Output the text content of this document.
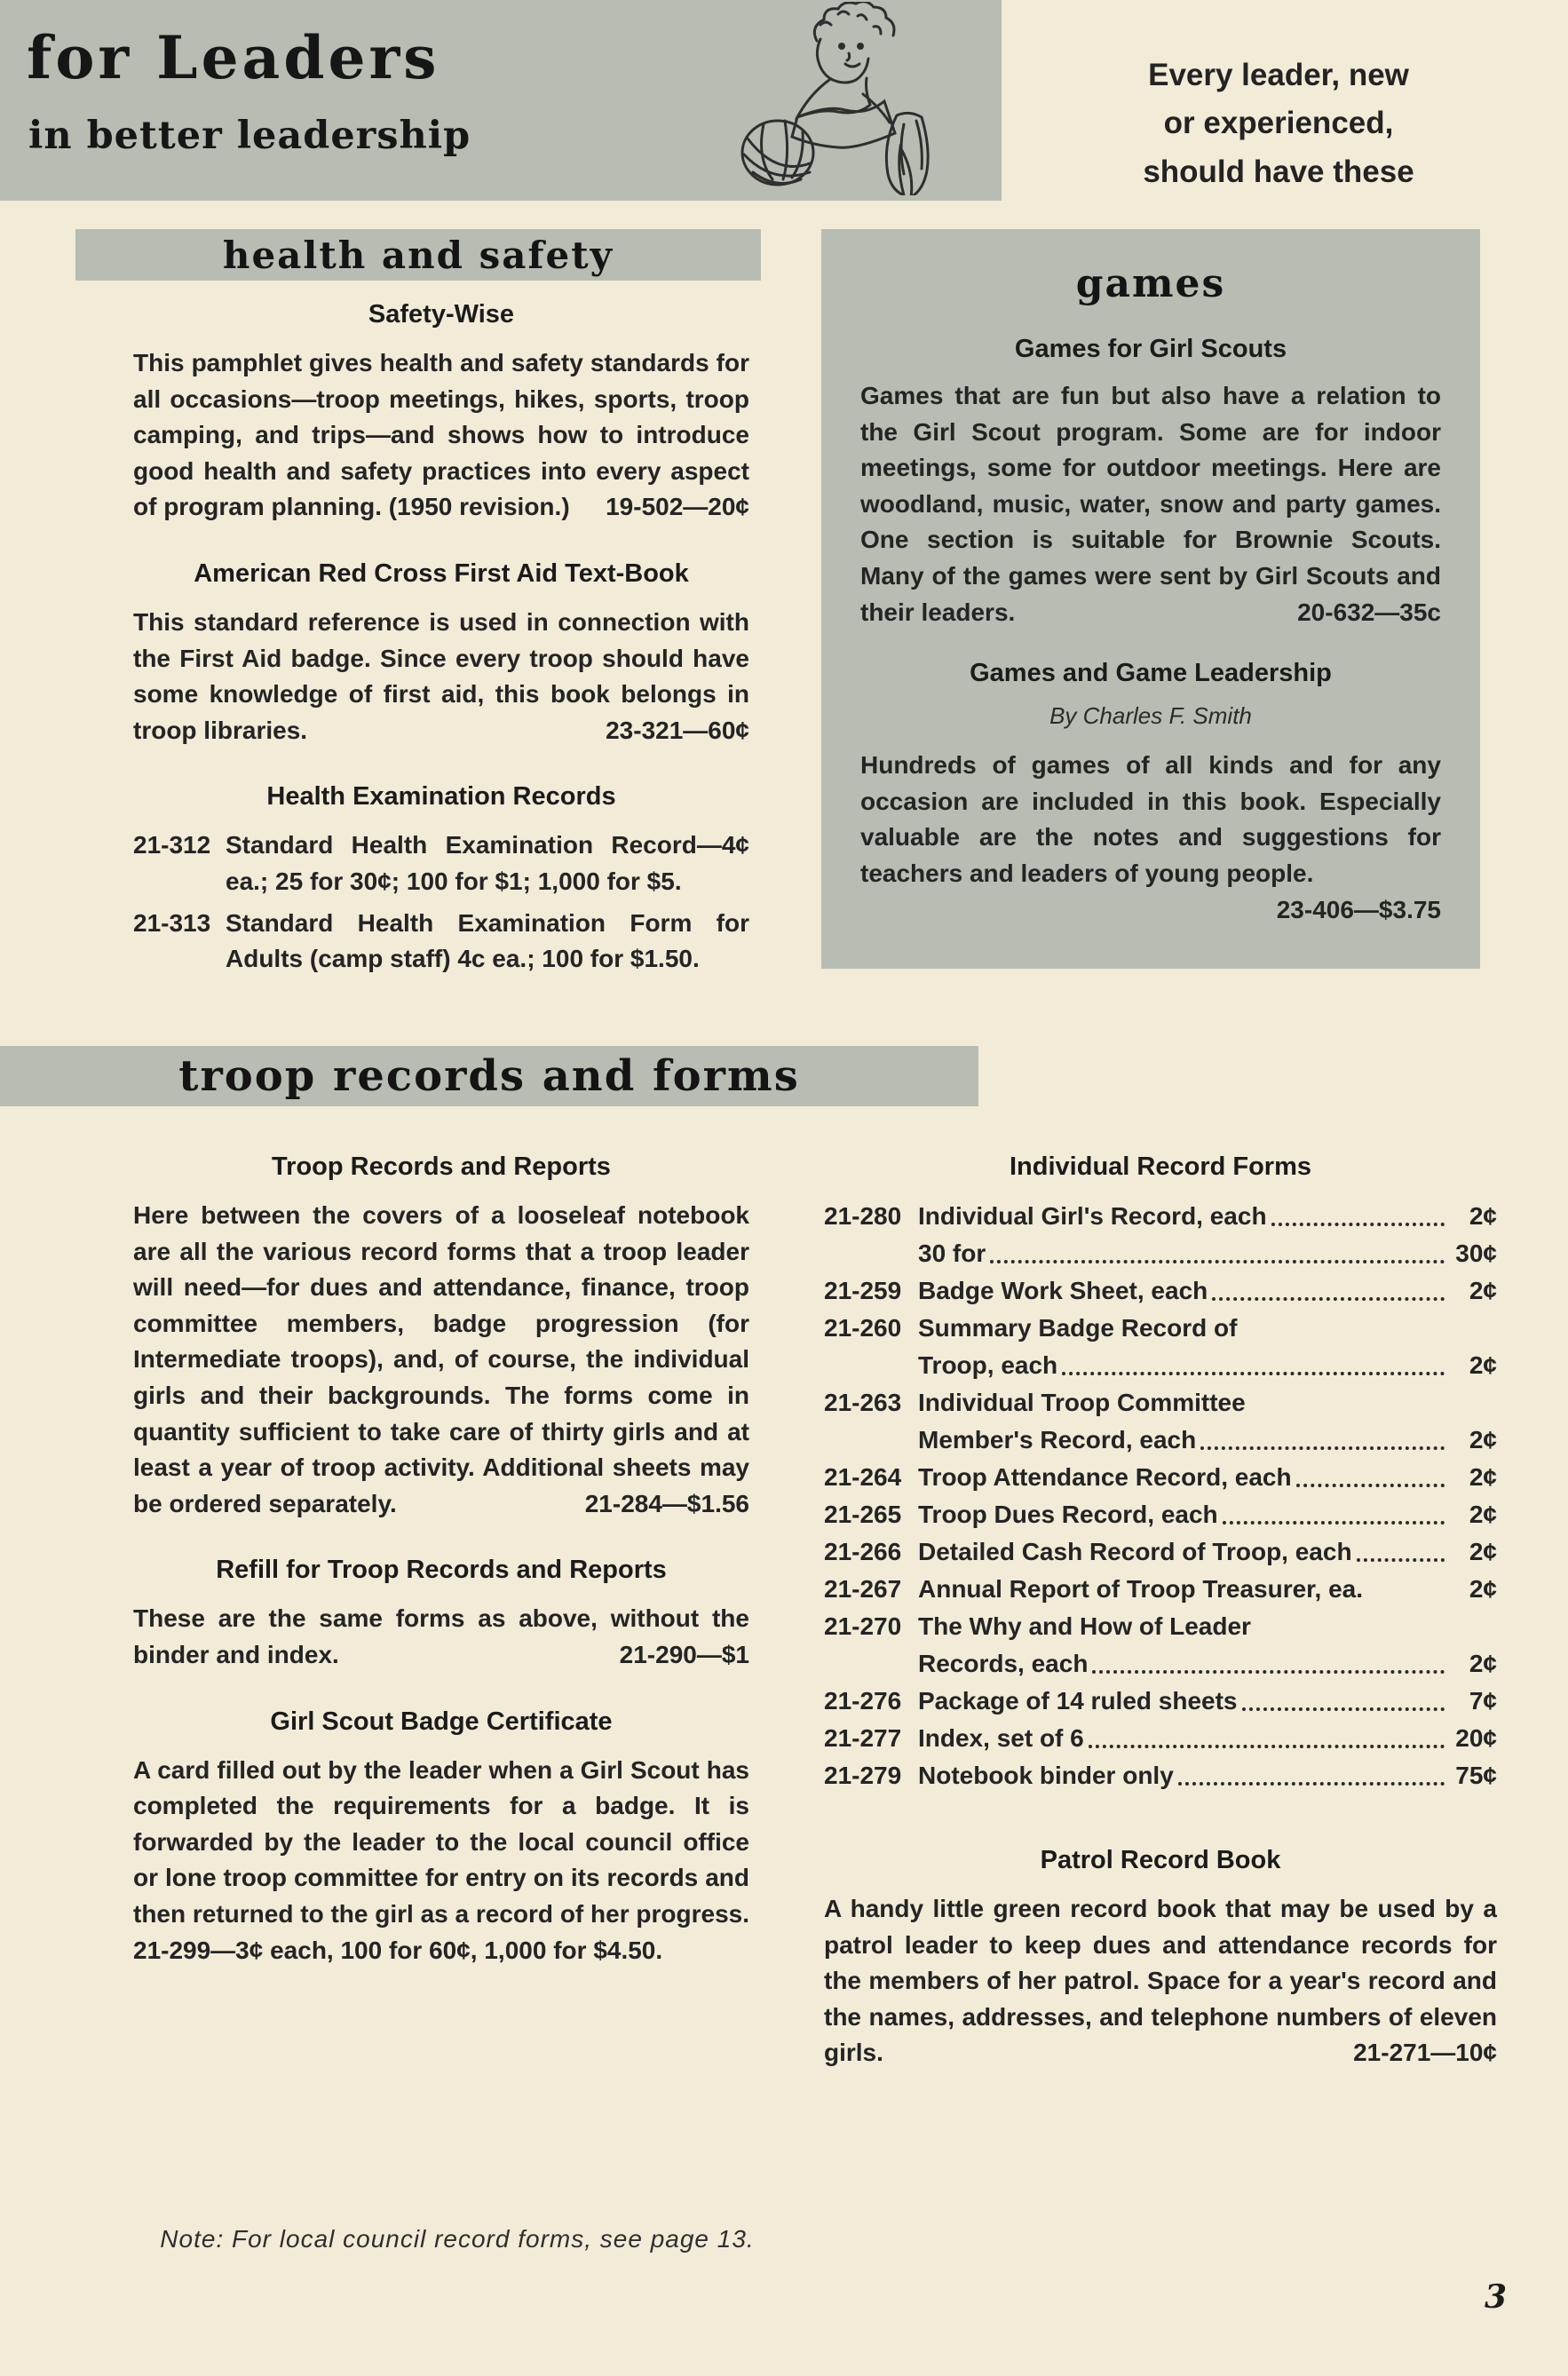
for Leaders
in better leadership
Every leader, new
or experienced,
should have these
health and safety
Safety-Wise

This pamphlet gives health and safety standards for all occasions—troop meetings, hikes, sports, troop camping, and trips—and shows how to introduce good health and safety practices into every aspect of program planning. (1950 revision.)	19-502—20¢

American Red Cross First Aid Text-Book

This standard reference is used in connection with the First Aid badge. Since every troop should have some knowledge of first aid, this book belongs in troop libraries.	23-321—60¢

Health Examination Records
21-312 Standard Health Examination Record—4¢ ea.; 25 for 30¢; 100 for $1; 1,000 for $5.
21-313 Standard Health Examination Form for Adults (camp staff) 4c ea.; 100 for $1.50.
games
Games for Girl Scouts

Games that are fun but also have a relation to the Girl Scout program. Some are for indoor meetings, some for outdoor meetings. Here are woodland, music, water, snow and party games. One section is suitable for Brownie Scouts. Many of the games were sent by Girl Scouts and their leaders.	20-632—35c

Games and Game Leadership
By Charles F. Smith

Hundreds of games of all kinds and for any occasion are included in this book. Especially valuable are the notes and suggestions for teachers and leaders of young people.
23-406—$3.75

troop records and forms
Troop Records and Reports

Here between the covers of a looseleaf notebook are all the various record forms that a troop leader will need—for dues and attendance, finance, troop committee members, badge progression (for Intermediate troops), and, of course, the individual girls and their backgrounds. The forms come in quantity sufficient to take care of thirty girls and at least a year of troop activity. Additional sheets may be ordered separately.	21-284—$1.56

Refill for Troop Records and Reports

These are the same forms as above, without the binder and index.	21-290—$1

Girl Scout Badge Certificate

A card filled out by the leader when a Girl Scout has completed the requirements for a badge. It is forwarded by the leader to the local council office or lone troop committee for entry on its records and then returned to the girl as a record of her progress. 21-299—3¢ each, 100 for 60¢, 1,000 for $4.50.

Individual Record Forms
21-280 Individual Girl's Record, each	2¢
30 for	30¢
21-259 Badge Work Sheet, each	2¢
21-260 Summary Badge Record of
Troop, each	2¢
21-263 Individual Troop Committee
Member's Record, each	2¢
21-264 Troop Attendance Record, each	2¢
21-265 Troop Dues Record, each	2¢
21-266 Detailed Cash Record of Troop, each	2¢
21-267 Annual Report of Troop Treasurer, ea.	2¢
21-270 The Why and How of Leader
Records, each	2¢
21-276 Package of 14 ruled sheets	7¢
21-277 Index, set of 6	20¢
21-279 Notebook binder only	75¢
Patrol Record Book

A handy little green record book that may be used by a patrol leader to keep dues and attendance records for the members of her patrol. Space for a year's record and the names, addresses, and telephone numbers of eleven girls.	21-271—10¢

Note: For local council record forms, see page 13.
3
